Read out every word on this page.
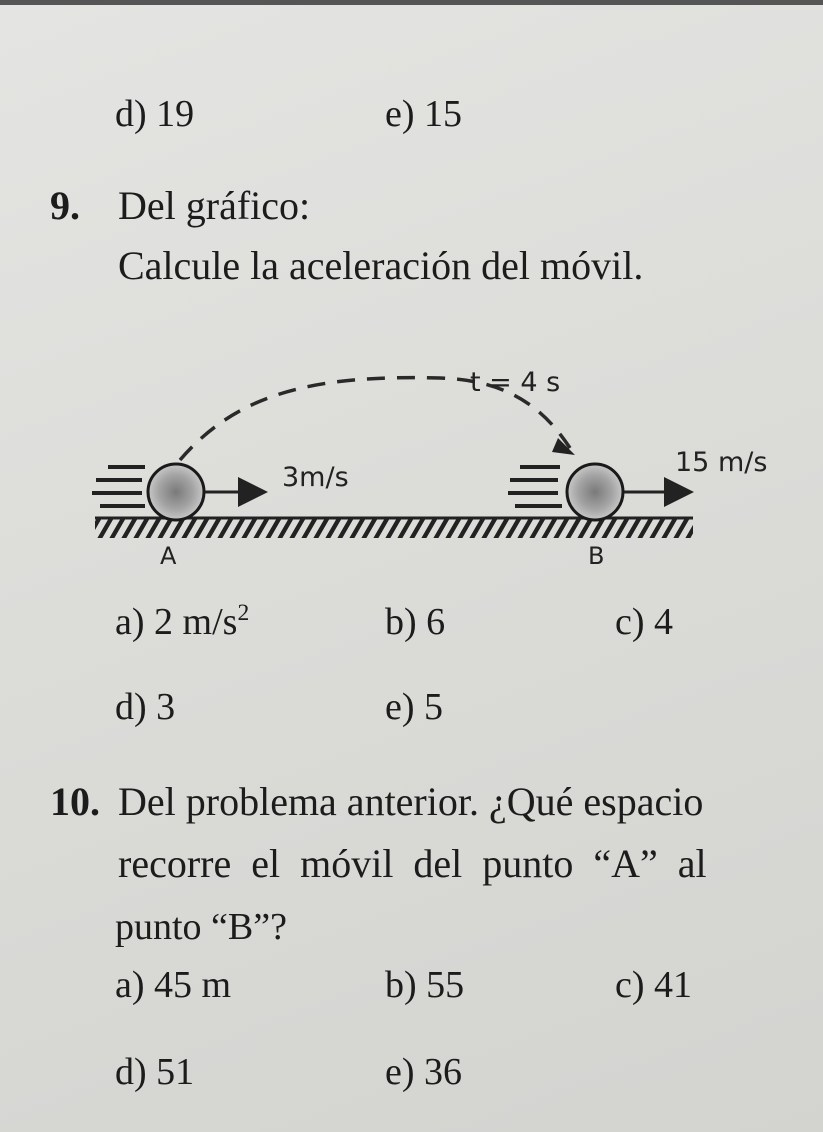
d) 19	e) 15
9. Del gráfico:
Calcule la aceleración del móvil.
t = 4 s
3m/s	15 m/s
A	B
a) 2 $m/s^2$	b) 6	c) 4
d) 3	e) 5
10. Del problema anterior. ¿Qué espacio
recorre  el  móvil  del  punto  “A”  al
punto “B”?
a) 45 m	b) 55	c) 41
d) 51	e) 36
